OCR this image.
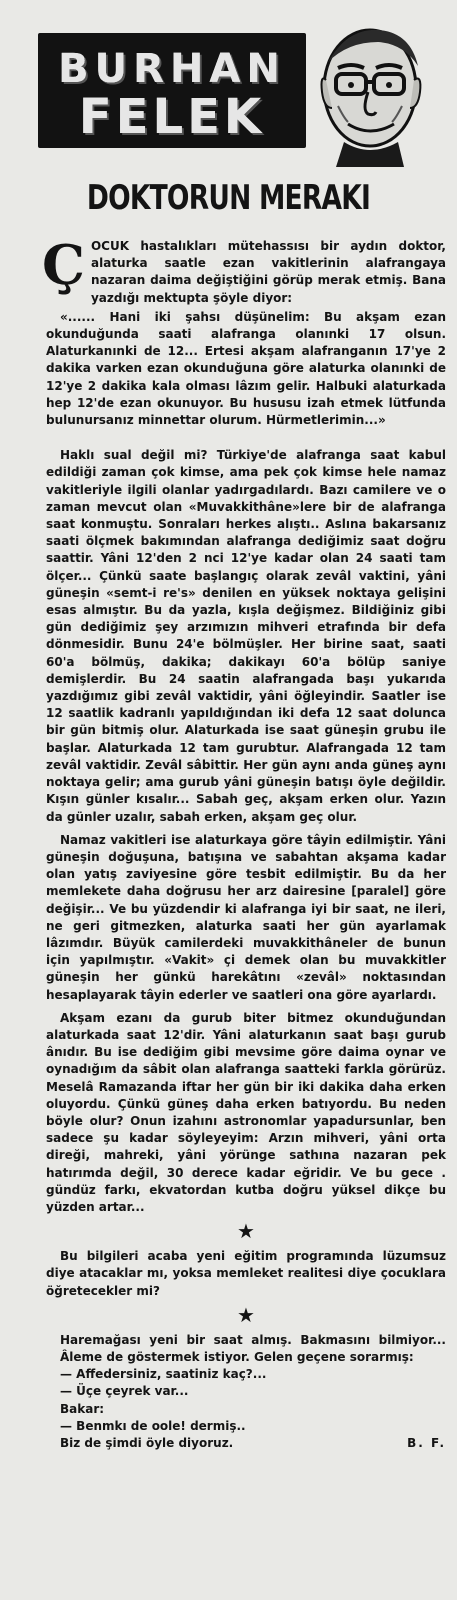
BURHAN
FELEK
DOKTORUN MERAKI

ÇOCUK hastalıkları mütehassısı bir aydın doktor, alaturka saatle ezan vakitlerinin alafrangaya nazaran daima değiştiğini görüp merak etmiş. Bana yazdığı mektupta şöyle diyor:

«...... Hani iki şahsı düşünelim: Bu akşam ezan okunduğunda saati alafranga olanınki 17 olsun. Alaturkanınki de 12... Ertesi akşam alafranganın 17'ye 2 dakika varken ezan okunduğuna göre alaturka olanınki de 12'ye 2 dakika kala olması lâzım gelir. Halbuki alaturkada hep 12'de ezan okunuyor. Bu hususu izah etmek lütfunda bulunursanız minnettar olurum. Hürmetlerimin...»

Haklı sual değil mi? Türkiye'de alafranga saat kabul edildiği zaman çok kimse, ama pek çok kimse hele namaz vakitleriyle ilgili olanlar yadırgadılardı. Bazı camilere ve o zaman mevcut olan «Muvakkithâne»lere bir de alafranga saat konmuştu. Sonraları herkes alıştı.. Aslına bakarsanız saati ölçmek bakımından alafranga dediğimiz saat doğru saattir. Yâni 12'den 2 nci 12'ye kadar olan 24 saati tam ölçer... Çünkü saate başlangıç olarak zevâl vaktini, yâni güneşin «semt-i re's» denilen en yüksek noktaya gelişini esas almıştır. Bu da yazla, kışla değişmez. Bildiğiniz gibi gün dediğimiz şey arzımızın mihveri etrafında bir defa dönmesidir. Bunu 24'e bölmüşler. Her birine saat, saati 60'a bölmüş, dakika; dakikayı 60'a bölüp saniye demişlerdir. Bu 24 saatin alafrangada başı yukarıda yazdığımız gibi zevâl vaktidir, yâni öğleyindir. Saatler ise 12 saatlik kadranlı yapıldığından iki defa 12 saat dolunca bir gün bitmiş olur. Alaturkada ise saat güneşin grubu ile başlar. Alaturkada 12 tam gurubtur. Alafrangada 12 tam zevâl vaktidir. Zevâl sâbittir. Her gün aynı anda güneş aynı noktaya gelir; ama gurub yâni güneşin batışı öyle değildir. Kışın günler kısalır... Sabah geç, akşam erken olur. Yazın da günler uzalır, sabah erken, akşam geç olur.

Namaz vakitleri ise alaturkaya göre tâyin edilmiştir. Yâni güneşin doğuşuna, batışına ve sabahtan akşama kadar olan yatış zaviyesine göre tesbit edilmiştir. Bu da her memlekete daha doğrusu her arz dairesine [paralel] göre değişir... Ve bu yüzdendir ki alafranga iyi bir saat, ne ileri, ne geri gitmezken, alaturka saati her gün ayarlamak lâzımdır. Büyük camilerdeki muvakkithâneler de bunun için yapılmıştır. «Vakit» çi demek olan bu muvakkitler güneşin her günkü harekâtını «zevâl» noktasından hesaplayarak tâyin ederler ve saatleri ona göre ayarlardı.

Akşam ezanı da gurub biter bitmez okunduğundan alaturkada saat 12'dir. Yâni alaturkanın saat başı gurub ânıdır. Bu ise dediğim gibi mevsime göre daima oynar ve oynadığım da sâbit olan alafranga saatteki farkla görürüz. Meselâ Ramazanda iftar her gün bir iki dakika daha erken oluyordu. Çünkü güneş daha erken batıyordu. Bu neden böyle olur? Onun izahını astronomlar yapadursunlar, ben sadece şu kadar söyleyeyim: Arzın mihveri, yâni orta direği, mahreki, yâni yörünge sathına nazaran pek hatırımda değil, 30 derece kadar eğridir. Ve bu gece . gündüz farkı, ekvatordan kutba doğru yüksel dikçe bu yüzden artar...

★

Bu bilgileri acaba yeni eğitim programında lüzumsuz diye atacaklar mı, yoksa memleket realitesi diye çocuklara öğretecekler mi?

★

Haremağası yeni bir saat almış. Bakmasını bilmiyor... Âleme de göstermek istiyor. Gelen geçene sorarmış:

— Affedersiniz, saatiniz kaç?...

— Üçe çeyrek var...

Bakar:

— Benmkı de oole! dermiş..

Biz de şimdi öyle diyoruz.	B. F.
